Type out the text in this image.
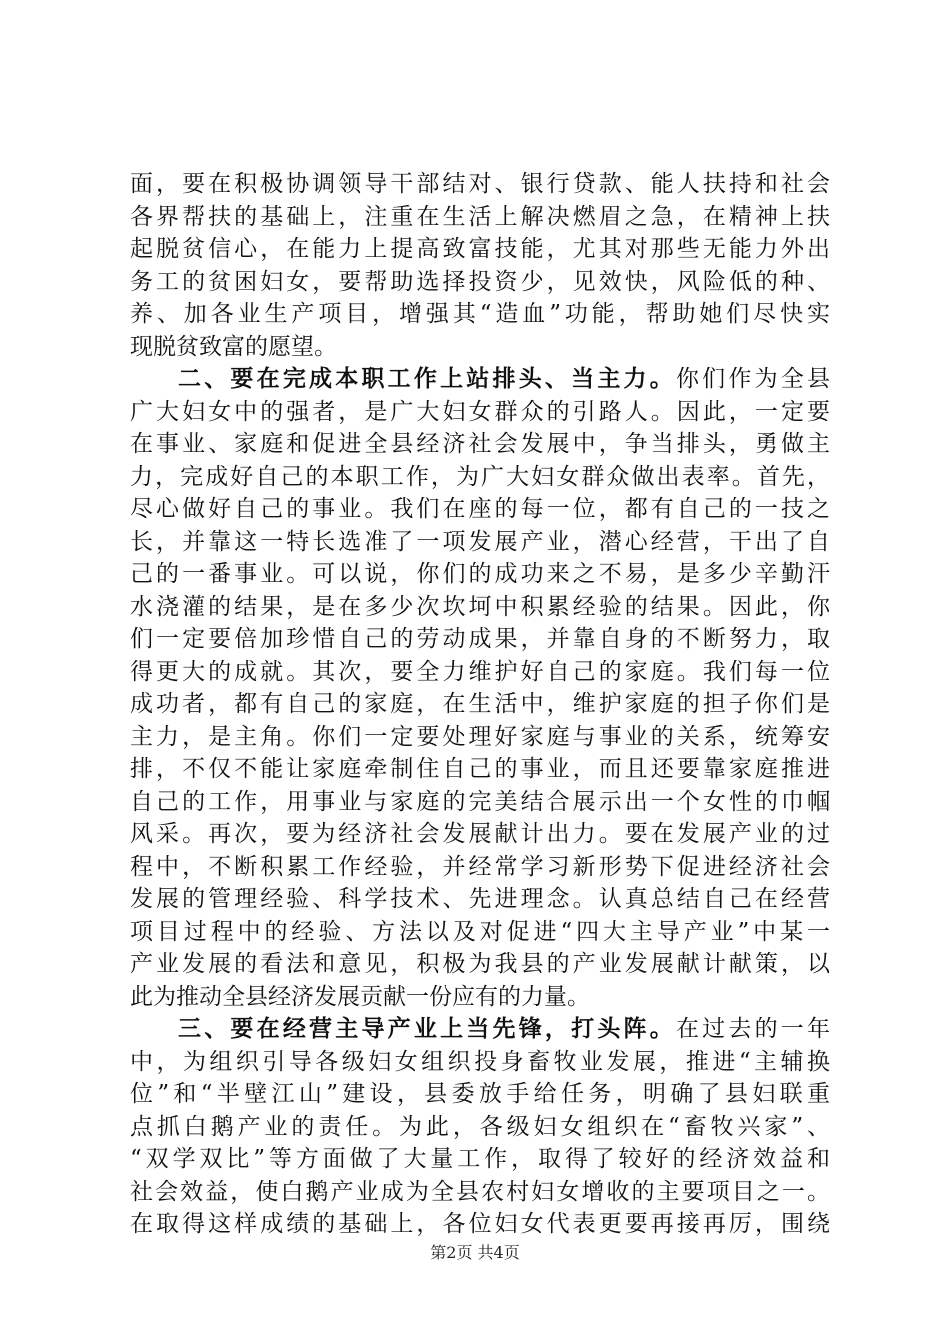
面，要在积极协调领导干部结对、银行贷款、能人扶持和社会
各界帮扶的基础上，注重在生活上解决燃眉之急，在精神上扶
起脱贫信心，在能力上提高致富技能，尤其对那些无能力外出
务工的贫困妇女，要帮助选择投资少，见效快，风险低的种、
养、加各业生产项目，增强其“造血”功能，帮助她们尽快实
现脱贫致富的愿望。
二、要在完成本职工作上站排头、当主力。你们作为全县
广大妇女中的强者，是广大妇女群众的引路人。因此，一定要
在事业、家庭和促进全县经济社会发展中，争当排头，勇做主
力，完成好自己的本职工作，为广大妇女群众做出表率。首先，
尽心做好自己的事业。我们在座的每一位，都有自己的一技之
长，并靠这一特长选准了一项发展产业，潜心经营，干出了自
己的一番事业。可以说，你们的成功来之不易，是多少辛勤汗
水浇灌的结果，是在多少次坎坷中积累经验的结果。因此，你
们一定要倍加珍惜自己的劳动成果，并靠自身的不断努力，取
得更大的成就。其次，要全力维护好自己的家庭。我们每一位
成功者，都有自己的家庭，在生活中，维护家庭的担子你们是
主力，是主角。你们一定要处理好家庭与事业的关系，统筹安
排，不仅不能让家庭牵制住自己的事业，而且还要靠家庭推进
自己的工作，用事业与家庭的完美结合展示出一个女性的巾帼
风采。再次，要为经济社会发展献计出力。要在发展产业的过
程中，不断积累工作经验，并经常学习新形势下促进经济社会
发展的管理经验、科学技术、先进理念。认真总结自己在经营
项目过程中的经验、方法以及对促进“四大主导产业”中某一
产业发展的看法和意见，积极为我县的产业发展献计献策，以
此为推动全县经济发展贡献一份应有的力量。
三、要在经营主导产业上当先锋，打头阵。在过去的一年
中，为组织引导各级妇女组织投身畜牧业发展，推进“主辅换
位”和“半壁江山”建设，县委放手给任务，明确了县妇联重
点抓白鹅产业的责任。为此，各级妇女组织在“畜牧兴家”、
“双学双比”等方面做了大量工作，取得了较好的经济效益和
社会效益，使白鹅产业成为全县农村妇女增收的主要项目之一。
在取得这样成绩的基础上，各位妇女代表更要再接再厉，围绕
第2页 共4页
